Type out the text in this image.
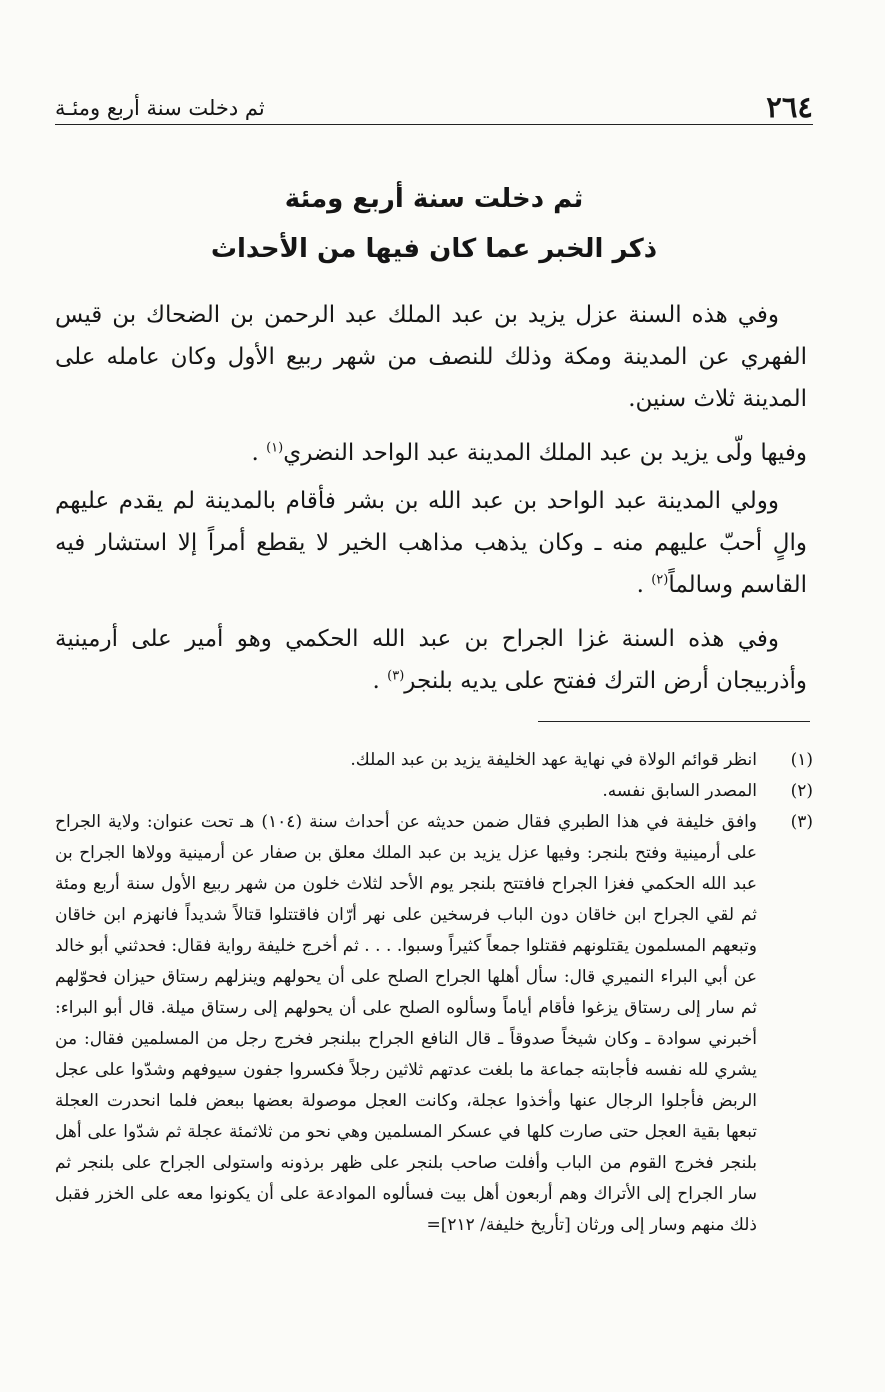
٢٦٤
ثم دخلت سنة أربع ومئـة
ثم دخلت سنة أربع ومئة
ذكر الخبر عما كان فيها من الأحداث

وفي هذه السنة عزل يزيد بن عبد الملك عبد الرحمن بن الضحاك بن قيس الفهري عن المدينة ومكة وذلك للنصف من شهر ربيع الأول وكان عامله على المدينة ثلاث سنين.

وفيها ولّى يزيد بن عبد الملك المدينة عبد الواحد النضري$^{(١)}$ .

وولي المدينة عبد الواحد بن عبد الله بن بشر فأقام بالمدينة لم يقدم عليهم والٍ أحبّ عليهم منه ـ وكان يذهب مذاهب الخير لا يقطع أمراً إلا استشار فيه القاسم وسالماً$^{(٢)}$ .

وفي هذه السنة غزا الجراح بن عبد الله الحكمي وهو أمير على أرمينية وأذربيجان أرض الترك ففتح على يديه بلنجر$^{(٣)}$ .

(١)
انظر قوائم الولاة في نهاية عهد الخليفة يزيد بن عبد الملك.
(٢)
المصدر السابق نفسه.
(٣)
وافق خليفة في هذا الطبري فقال ضمن حديثه عن أحداث سنة (١٠٤) هـ تحت عنوان: ولاية الجراح على أرمينية وفتح بلنجر: وفيها عزل يزيد بن عبد الملك معلق بن صفار عن أرمينية وولاها الجراح بن عبد الله الحكمي فغزا الجراح فافتتح بلنجر يوم الأحد لثلاث خلون من شهر ربيع الأول سنة أربع ومئة ثم لقي الجراح ابن خاقان دون الباب فرسخين على نهر أرّان فاقتتلوا قتالاً شديداً فانهزم ابن خاقان وتبعهم المسلمون يقتلونهم فقتلوا جمعاً كثيراً وسبوا. . . . ثم أخرج خليفة رواية فقال: فحدثني أبو خالد عن أبي البراء النميري قال: سأل أهلها الجراح الصلح على أن يحولهم وينزلهم رستاق حيزان فحوّلهم ثم سار إلى رستاق يزغوا فأقام أياماً وسألوه الصلح على أن يحولهم إلى رستاق ميلة. قال أبو البراء: أخبرني سوادة ـ وكان شيخاً صدوقاً ـ قال النافع الجراح ببلنجر فخرج رجل من المسلمين فقال: من يشري لله نفسه فأجابته جماعة ما بلغت عدتهم ثلاثين رجلاً فكسروا جفون سيوفهم وشدّوا على عجل الربض فأجلوا الرجال عنها وأخذوا عجلة، وكانت العجل موصولة بعضها ببعض فلما انحدرت العجلة تبعها بقية العجل حتى صارت كلها في عسكر المسلمين وهي نحو من ثلاثمئة عجلة ثم شدّوا على أهل بلنجر فخرج القوم من الباب وأفلت صاحب بلنجر على ظهر برذونه واستولى الجراح على بلنجر ثم سار الجراح إلى الأتراك وهم أربعون أهل بيت فسألوه الموادعة على أن يكونوا معه على الخزر فقبل ذلك منهم وسار إلى ورثان [تأريخ خليفة/ ٢١٢]=
